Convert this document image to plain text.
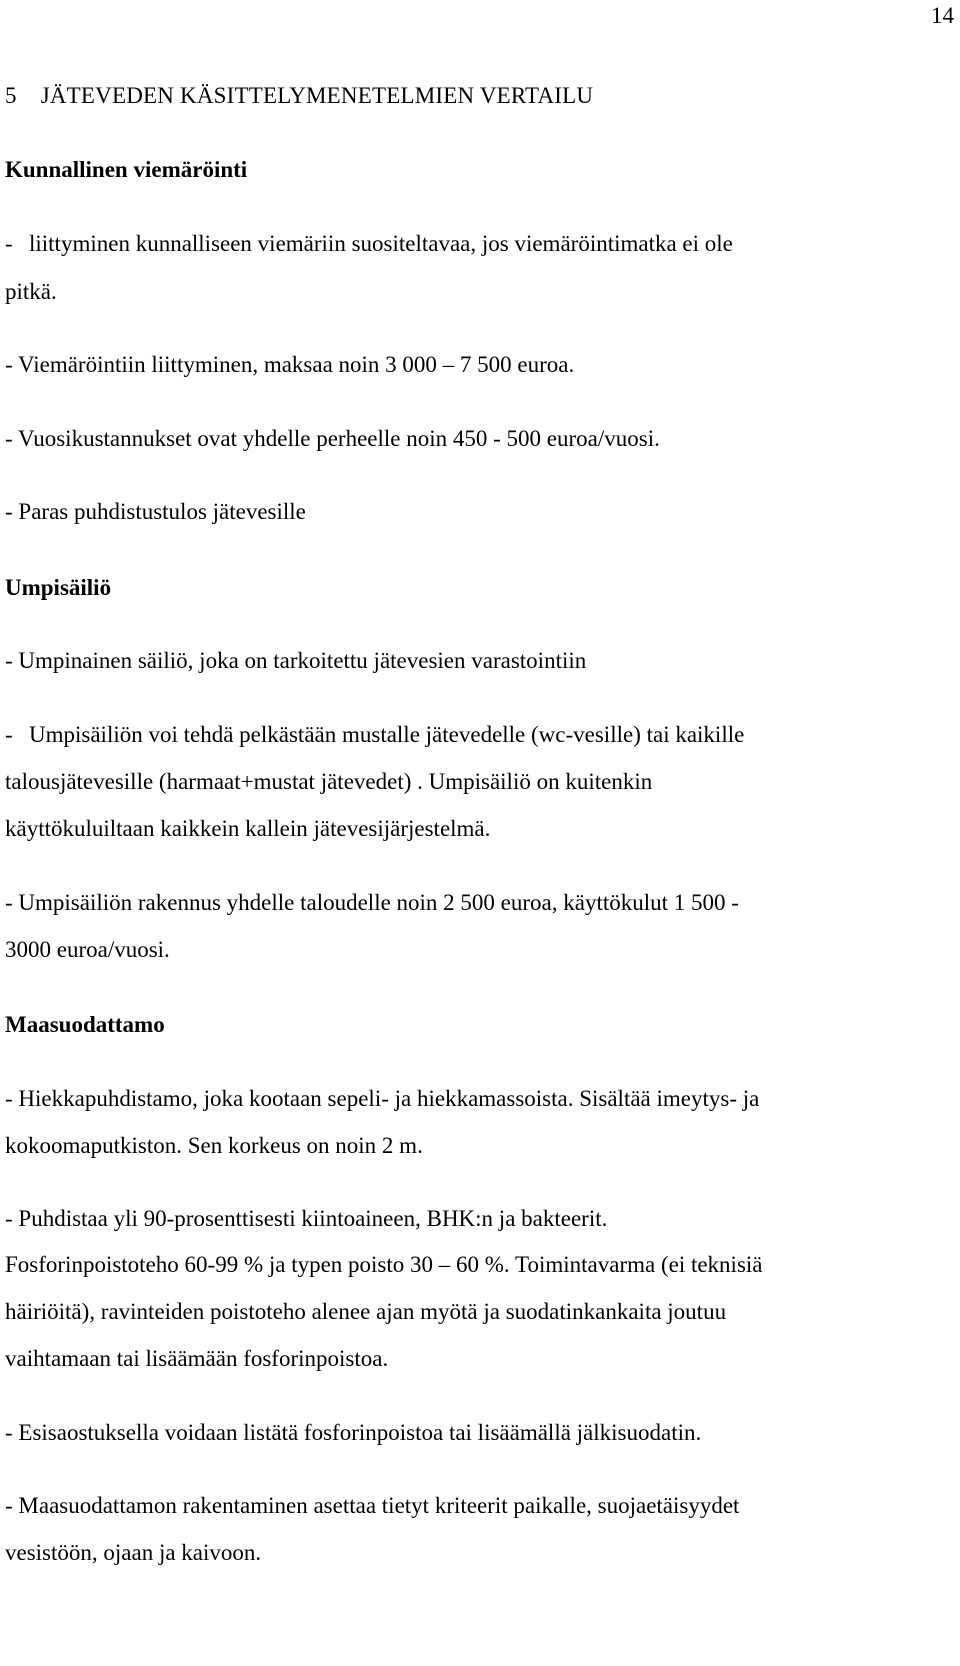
14
5 JÄTEVEDEN KÄSITTELYMENETELMIEN VERTAILU
Kunnallinen viemäröinti
- liittyminen kunnalliseen viemäriin suositeltavaa, jos viemäröintimatka ei ole
pitkä.
- Viemäröintiin liittyminen, maksaa noin 3 000 – 7 500 euroa.
- Vuosikustannukset ovat yhdelle perheelle noin 450 - 500 euroa/vuosi.
- Paras puhdistustulos jätevesille
Umpisäiliö
- Umpinainen säiliö, joka on tarkoitettu jätevesien varastointiin
- Umpisäiliön voi tehdä pelkästään mustalle jätevedelle (wc-vesille) tai kaikille
talousjätevesille (harmaat+mustat jätevedet) . Umpisäiliö on kuitenkin
käyttökuluiltaan kaikkein kallein jätevesijärjestelmä.
- Umpisäiliön rakennus yhdelle taloudelle noin 2 500 euroa, käyttökulut 1 500 -
3000 euroa/vuosi.
Maasuodattamo
- Hiekkapuhdistamo, joka kootaan sepeli- ja hiekkamassoista. Sisältää imeytys- ja
kokoomaputkiston. Sen korkeus on noin 2 m.
- Puhdistaa yli 90-prosenttisesti kiintoaineen, BHK:n ja bakteerit.
Fosforinpoistoteho 60-99 % ja typen poisto 30 – 60 %. Toimintavarma (ei teknisiä
häiriöitä), ravinteiden poistoteho alenee ajan myötä ja suodatinkankaita joutuu
vaihtamaan tai lisäämään fosforinpoistoa.
- Esisaostuksella voidaan listätä fosforinpoistoa tai lisäämällä jälkisuodatin.
- Maasuodattamon rakentaminen asettaa tietyt kriteerit paikalle, suojaetäisyydet
vesistöön, ojaan ja kaivoon.
